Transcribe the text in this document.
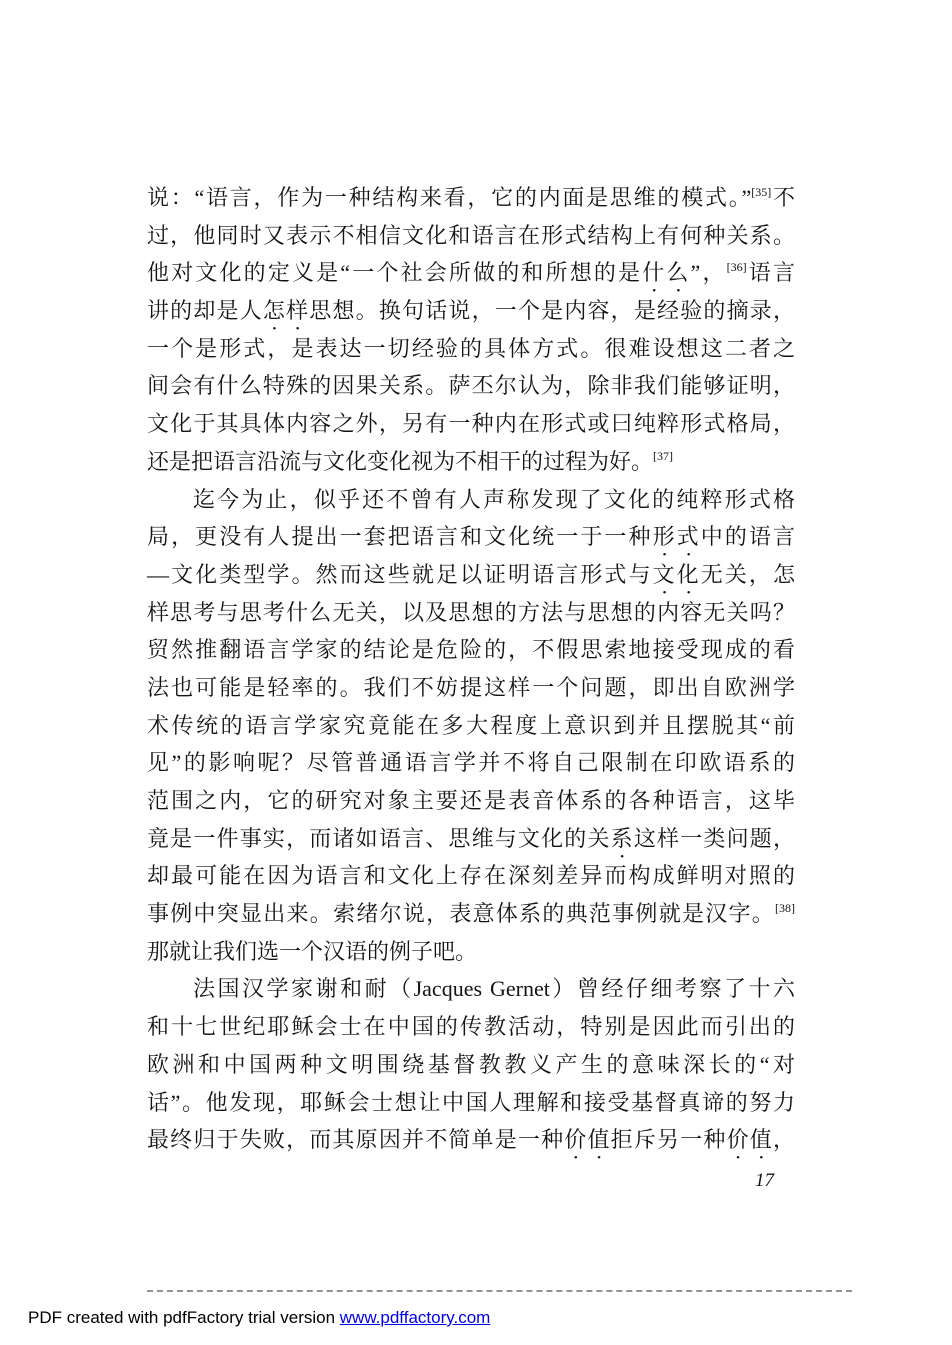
说：“语言，作为一种结构来看，它的内面是思维的模式。”[35]不
过，他同时又表示不相信文化和语言在形式结构上有何种关系。
他对文化的定义是“一个社会所做的和所想的是什么”，[36]语言
讲的却是人怎样思想。换句话说，一个是内容，是经验的摘录，
一个是形式，是表达一切经验的具体方式。很难设想这二者之
间会有什么特殊的因果关系。萨丕尔认为，除非我们能够证明，
文化于其具体内容之外，另有一种内在形式或曰纯粹形式格局，
还是把语言沿流与文化变化视为不相干的过程为好。[37]
迄今为止，似乎还不曾有人声称发现了文化的纯粹形式格
局，更没有人提出一套把语言和文化统一于一种形式中的语言
—文化类型学。然而这些就足以证明语言形式与文化无关，怎
样思考与思考什么无关，以及思想的方法与思想的内容无关吗？
贸然推翻语言学家的结论是危险的，不假思索地接受现成的看
法也可能是轻率的。我们不妨提这样一个问题，即出自欧洲学
术传统的语言学家究竟能在多大程度上意识到并且摆脱其“前
见”的影响呢？尽管普通语言学并不将自己限制在印欧语系的
范围之内，它的研究对象主要还是表音体系的各种语言，这毕
竟是一件事实，而诸如语言、思维与文化的关系这样一类问题，
却最可能在因为语言和文化上存在深刻差异而构成鲜明对照的
事例中突显出来。索绪尔说，表意体系的典范事例就是汉字。[38]
那就让我们选一个汉语的例子吧。
法国汉学家谢和耐（Jacques Gernet）曾经仔细考察了十六
和十七世纪耶稣会士在中国的传教活动，特别是因此而引出的
欧洲和中国两种文明围绕基督教教义产生的意味深长的“对
话”。他发现，耶稣会士想让中国人理解和接受基督真谛的努力
最终归于失败，而其原因并不简单是一种价值拒斥另一种价值，
17
PDF created with pdfFactory trial version www.pdffactory.com
